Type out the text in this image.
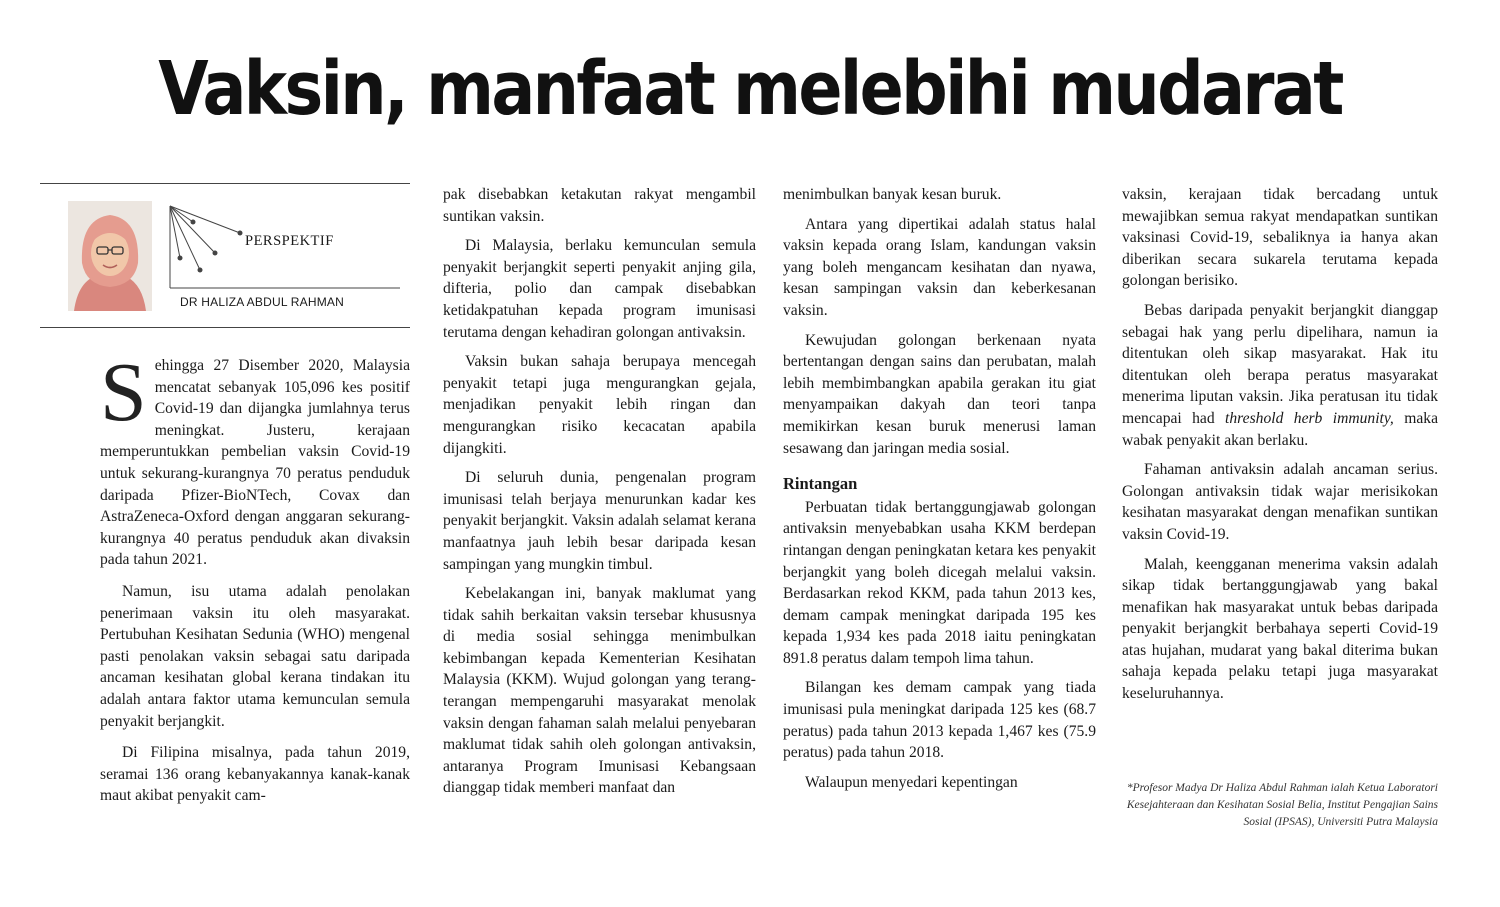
Vaksin, manfaat melebihi mudarat
PERSPEKTIF
DR HALIZA ABDUL RAHMAN

Sehingga 27 Disember 2020, Malaysia mencatat sebanyak 105,096 kes positif Covid-19 dan dijangka jumlahnya terus meningkat. Justeru, kerajaan memperuntukkan pembelian vaksin Covid-19 untuk sekurang-kurangnya 70 peratus penduduk daripada Pfizer-BioNTech, Covax dan AstraZeneca-Oxford dengan anggaran sekurang-kurangnya 40 peratus penduduk akan divaksin pada tahun 2021.

Namun, isu utama adalah penolakan penerimaan vaksin itu oleh masyarakat. Pertubuhan Kesihatan Sedunia (WHO) mengenal pasti penolakan vaksin sebagai satu daripada ancaman kesihatan global kerana tindakan itu adalah antara faktor utama kemunculan semula penyakit berjangkit.

Di Filipina misalnya, pada tahun 2019, seramai 136 orang kebanyakannya kanak-kanak maut akibat penyakit cam-

pak disebabkan ketakutan rakyat mengambil suntikan vaksin.

Di Malaysia, berlaku kemunculan semula penyakit berjangkit seperti penyakit anjing gila, difteria, polio dan campak disebabkan ketidakpatuhan kepada program imunisasi terutama dengan kehadiran golongan antivaksin.

Vaksin bukan sahaja berupaya mencegah penyakit tetapi juga mengurangkan gejala, menjadikan penyakit lebih ringan dan mengurangkan risiko kecacatan apabila dijangkiti.

Di seluruh dunia, pengenalan program imunisasi telah berjaya menurunkan kadar kes penyakit berjangkit. Vaksin adalah selamat kerana manfaatnya jauh lebih besar daripada kesan sampingan yang mungkin timbul.

Kebelakangan ini, banyak maklumat yang tidak sahih berkaitan vaksin tersebar khususnya di media sosial sehingga menimbulkan kebimbangan kepada Kementerian Kesihatan Malaysia (KKM). Wujud golongan yang terang-terangan mempengaruhi masyarakat menolak vaksin dengan fahaman salah melalui penyebaran maklumat tidak sahih oleh golongan antivaksin, antaranya Program Imunisasi Kebangsaan dianggap tidak memberi manfaat dan

menimbulkan banyak kesan buruk.

Antara yang dipertikai adalah status halal vaksin kepada orang Islam, kandungan vaksin yang boleh mengancam kesihatan dan nyawa, kesan sampingan vaksin dan keberkesanan vaksin.

Kewujudan golongan berkenaan nyata bertentangan dengan sains dan perubatan, malah lebih membimbangkan apabila gerakan itu giat menyampaikan dakyah dan teori tanpa memikirkan kesan buruk menerusi laman sesawang dan jaringan media sosial.

Rintangan

Perbuatan tidak bertanggungjawab golongan antivaksin menyebabkan usaha KKM berdepan rintangan dengan peningkatan ketara kes penyakit berjangkit yang boleh dicegah melalui vaksin. Berdasarkan rekod KKM, pada tahun 2013 kes, demam campak meningkat daripada 195 kes kepada 1,934 kes pada 2018 iaitu peningkatan 891.8 peratus dalam tempoh lima tahun.

Bilangan kes demam campak yang tiada imunisasi pula meningkat daripada 125 kes (68.7 peratus) pada tahun 2013 kepada 1,467 kes (75.9 peratus) pada tahun 2018.

Walaupun menyedari kepentingan

vaksin, kerajaan tidak bercadang untuk mewajibkan semua rakyat mendapatkan suntikan vaksinasi Covid-19, sebaliknya ia hanya akan diberikan secara sukarela terutama kepada golongan berisiko.

Bebas daripada penyakit berjangkit dianggap sebagai hak yang perlu dipelihara, namun ia ditentukan oleh sikap masyarakat. Hak itu ditentukan oleh berapa peratus masyarakat menerima liputan vaksin. Jika peratusan itu tidak mencapai had threshold herb immunity, maka wabak penyakit akan berlaku.

Fahaman antivaksin adalah ancaman serius. Golongan antivaksin tidak wajar merisikokan kesihatan masyarakat dengan menafikan suntikan vaksin Covid-19.

Malah, keengganan menerima vaksin adalah sikap tidak bertanggungjawab yang bakal menafikan hak masyarakat untuk bebas daripada penyakit berjangkit berbahaya seperti Covid-19 atas hujahan, mudarat yang bakal diterima bukan sahaja kepada pelaku tetapi juga masyarakat keseluruhannya.

*Profesor Madya Dr Haliza Abdul Rahman ialah Ketua Laboratori Kesejahteraan dan Kesihatan Sosial Belia, Institut Pengajian Sains Sosial (IPSAS), Universiti Putra Malaysia
